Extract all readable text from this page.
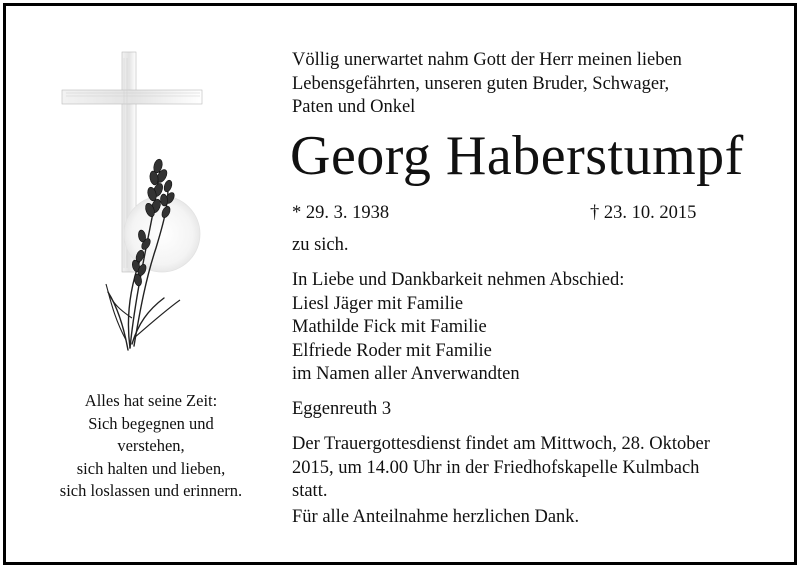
Alles hat seine Zeit:
Sich begegnen und
verstehen,
sich halten und lieben,
sich loslassen und erinnern.
Völlig unerwartet nahm Gott der Herr meinen lieben
Lebensgefährten, unseren guten Bruder, Schwager,
Paten und Onkel
Georg Haberstumpf
* 29. 3. 1938	† 23. 10. 2015
zu sich.
In Liebe und Dankbarkeit nehmen Abschied:
Liesl Jäger mit Familie
Mathilde Fick mit Familie
Elfriede Roder mit Familie
im Namen aller Anverwandten
Eggenreuth 3
Der Trauergottesdienst findet am Mittwoch, 28. Oktober
2015, um 14.00 Uhr in der Friedhofskapelle Kulmbach
statt.
Für alle Anteilnahme herzlichen Dank.
